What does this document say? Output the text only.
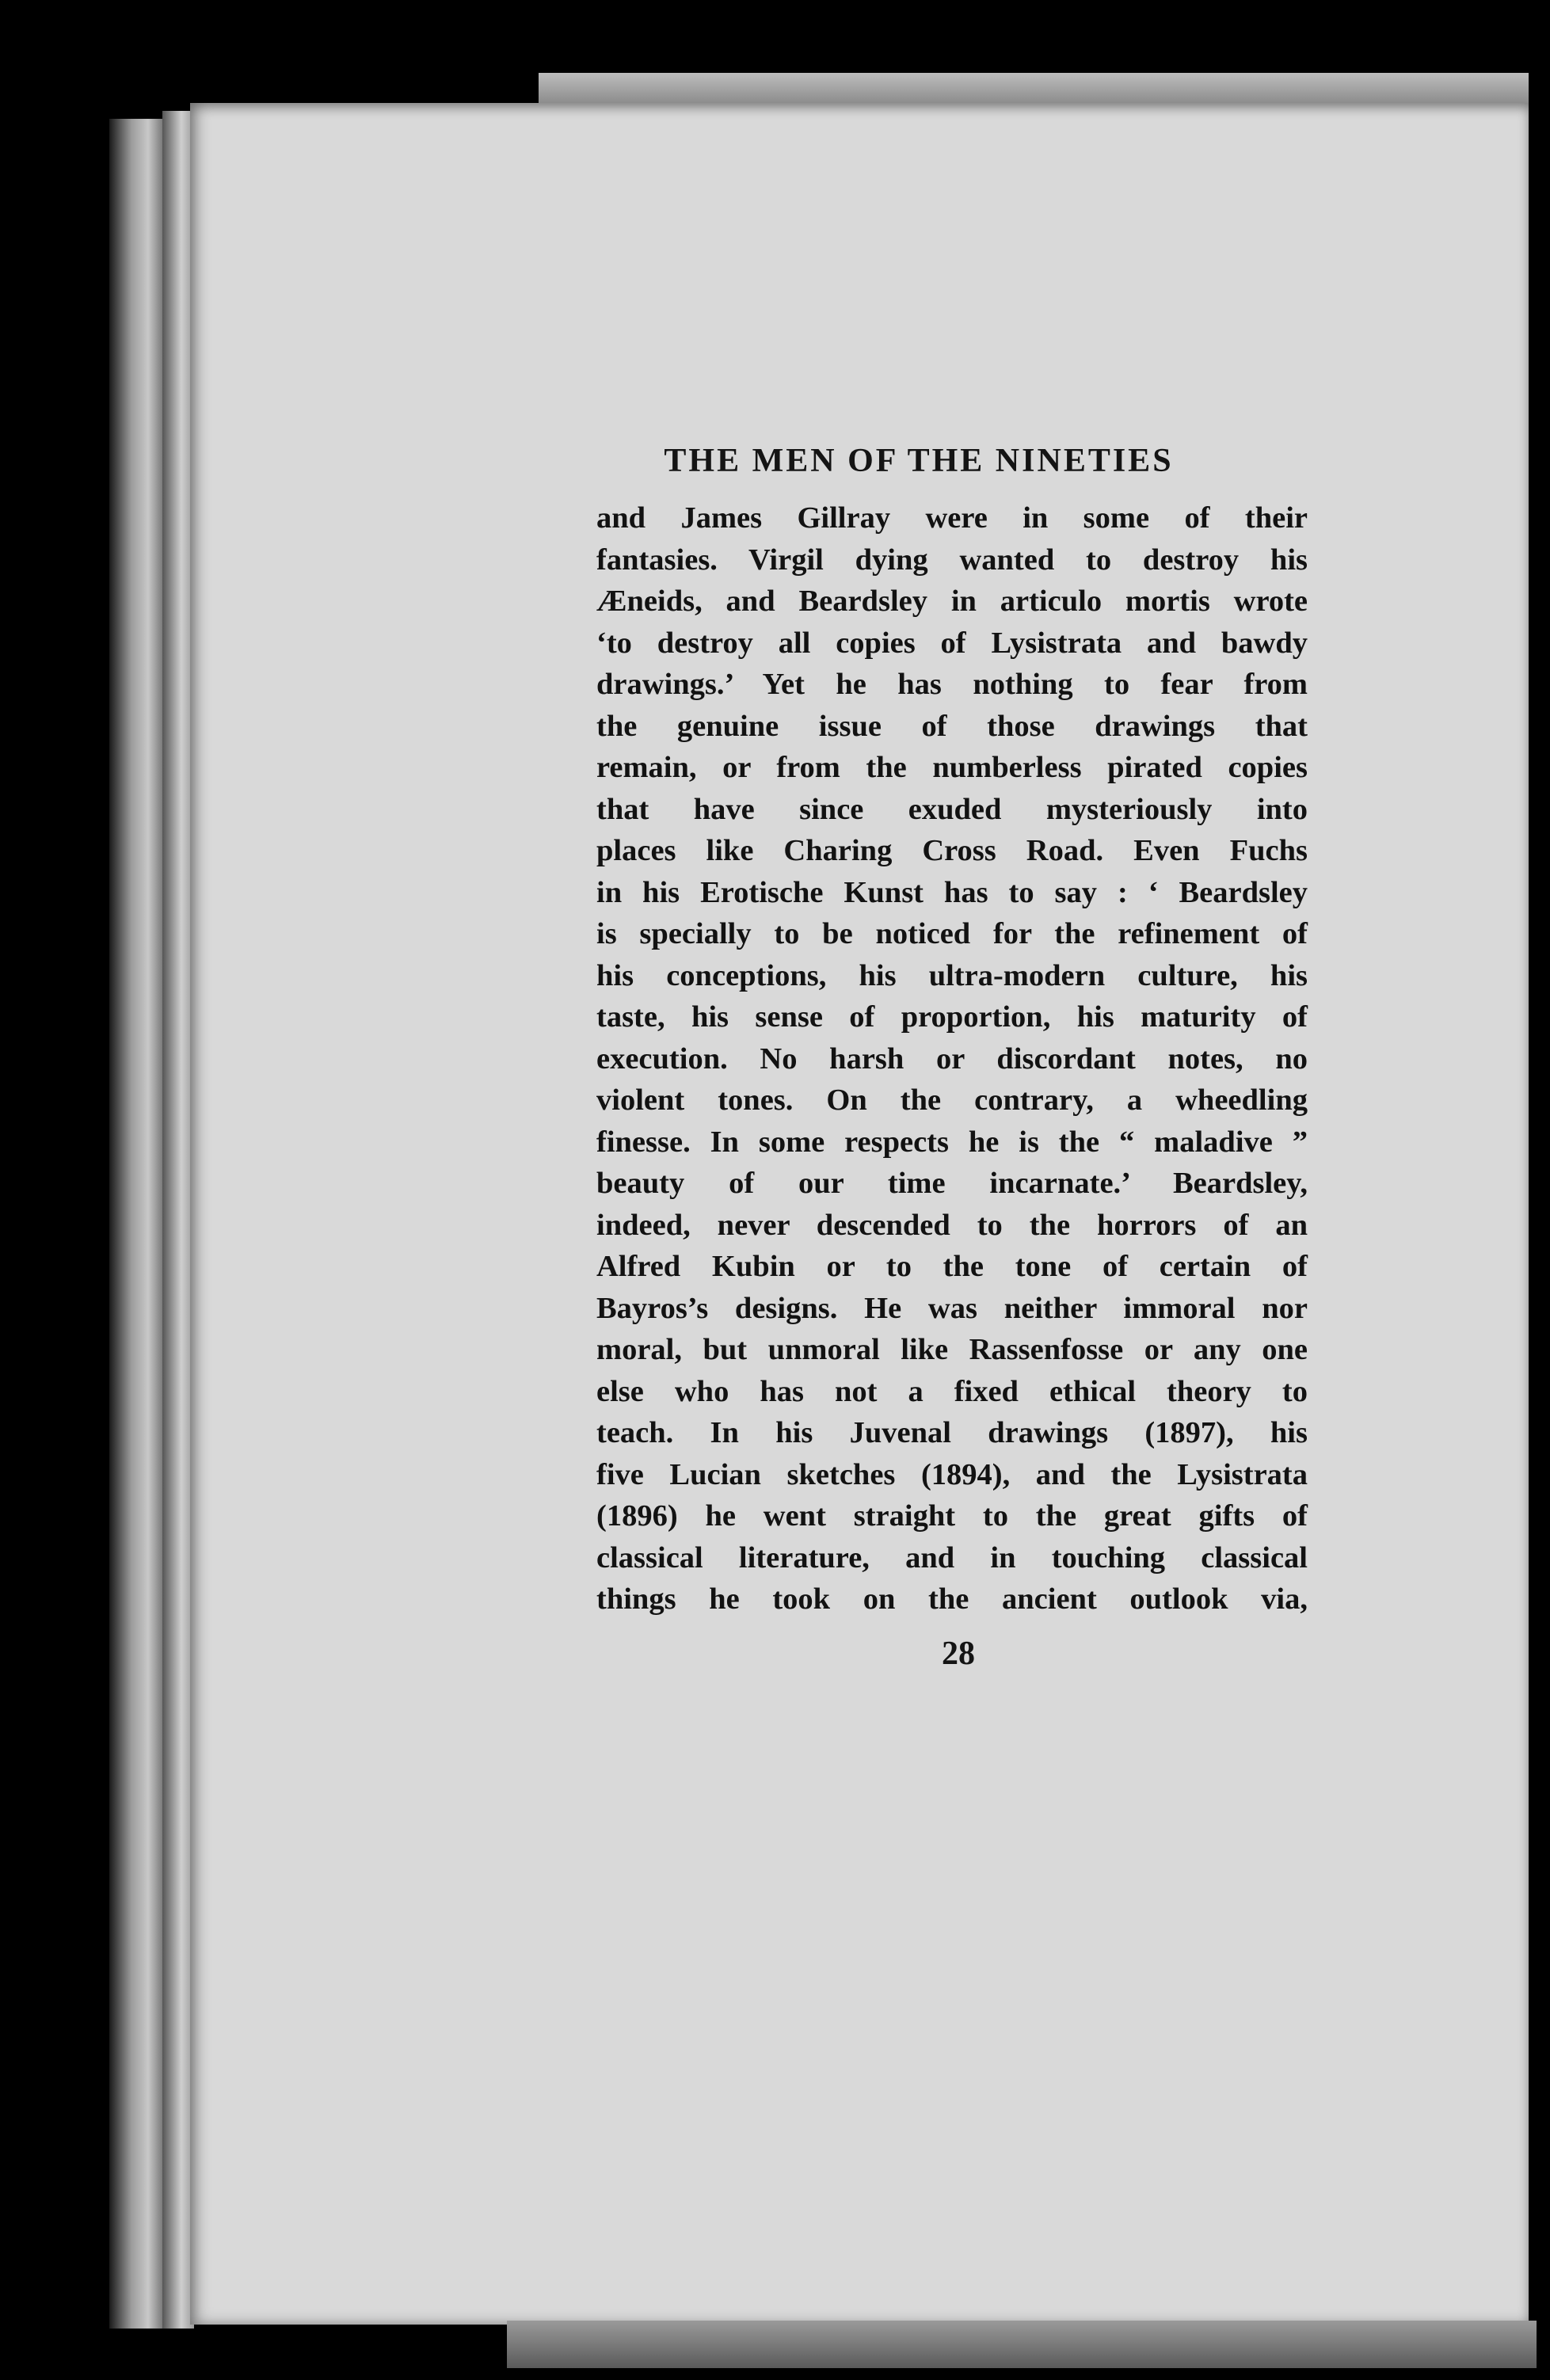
THE MEN OF THE NINETIES
and James Gillray were in some of their
fantasies. Virgil dying wanted to destroy his
Æneids, and Beardsley in articulo mortis wrote
‘to destroy all copies of Lysistrata and bawdy
drawings.’ Yet he has nothing to fear from
the genuine issue of those drawings that
remain, or from the numberless pirated copies
that have since exuded mysteriously into
places like Charing Cross Road. Even Fuchs
in his Erotische Kunst has to say : ‘ Beardsley
is specially to be noticed for the refinement of
his conceptions, his ultra-modern culture, his
taste, his sense of proportion, his maturity of
execution. No harsh or discordant notes, no
violent tones. On the contrary, a wheedling
finesse. In some respects he is the “ maladive ”
beauty of our time incarnate.’ Beardsley,
indeed, never descended to the horrors of an
Alfred Kubin or to the tone of certain of
Bayros’s designs. He was neither immoral nor
moral, but unmoral like Rassenfosse or any one
else who has not a fixed ethical theory to
teach. In his Juvenal drawings (1897), his
five Lucian sketches (1894), and the Lysistrata
(1896) he went straight to the great gifts of
classical literature, and in touching classical
things he took on the ancient outlook via,
28
